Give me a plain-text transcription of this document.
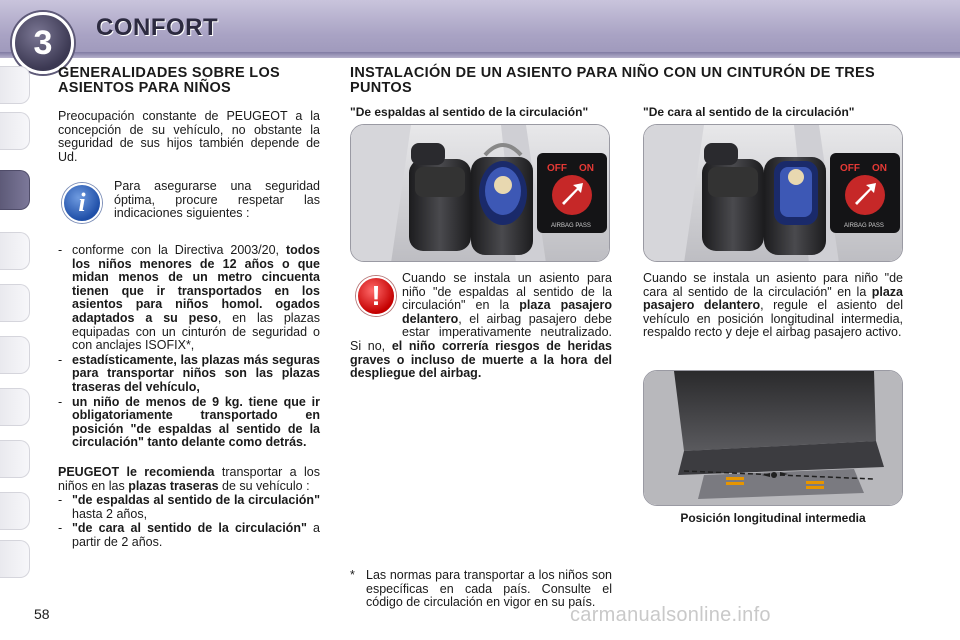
3	CONFORT
GENERALIDADES SOBRE LOS ASIENTOS PARA NIÑOS
Preocupación constante de PEUGEOT a la concepción de su vehículo, no obstante la seguridad de sus hijos también depende de Ud.
i
Para asegurarse una seguridad óptima, procure respetar las indicaciones siguientes :
- conforme con la Directiva 2003/20, todos los niños menores de 12 años o que midan menos de un metro cincuenta tienen que ir transportados en los asientos para niños homol. ogados adaptados a su peso, en las plazas equipadas con un cinturón de seguridad o con anclajes ISOFIX*,
- estadísticamente, las plazas más seguras para transportar niños son las plazas traseras del vehículo,
- un niño de menos de 9 kg. tiene que ir obligatoriamente transportado en posición "de espaldas al sentido de la circulación" tanto delante como detrás.
PEUGEOT le recomienda transportar a los niños en las plazas traseras de su vehículo :
- "de espaldas al sentido de la circulación" hasta 2 años,
- "de cara al sentido de la circulación" a partir de 2 años.
INSTALACIÓN DE UN ASIENTO PARA NIÑO CON UN CINTURÓN DE TRES PUNTOS
"De espaldas al sentido de la circulación"	"De cara al sentido de la circulación"
OFF ON
AIRBAG PASS
OFF ON
AIRBAG PASS
!
Cuando se instala un asiento para niño "de espaldas al sentido de la circulación" en la plaza pasajero delantero, el airbag pasajero debe estar imperativamente neutralizado. Si no, el niño correría riesgos de heridas graves o incluso de muerte a la hora del despliegue del airbag.
Cuando se instala un asiento para niño "de cara al sentido de la circulación" en la plaza pasajero delantero, regule el asiento del vehículo en posición longitudinal intermedia, respaldo recto y deje el airbag pasajero activo.
Posición longitudinal intermedia
* Las normas para transportar a los niños son específicas en cada país. Consulte el código de circulación en vigor en su país.
58	carmanualsonline.info
